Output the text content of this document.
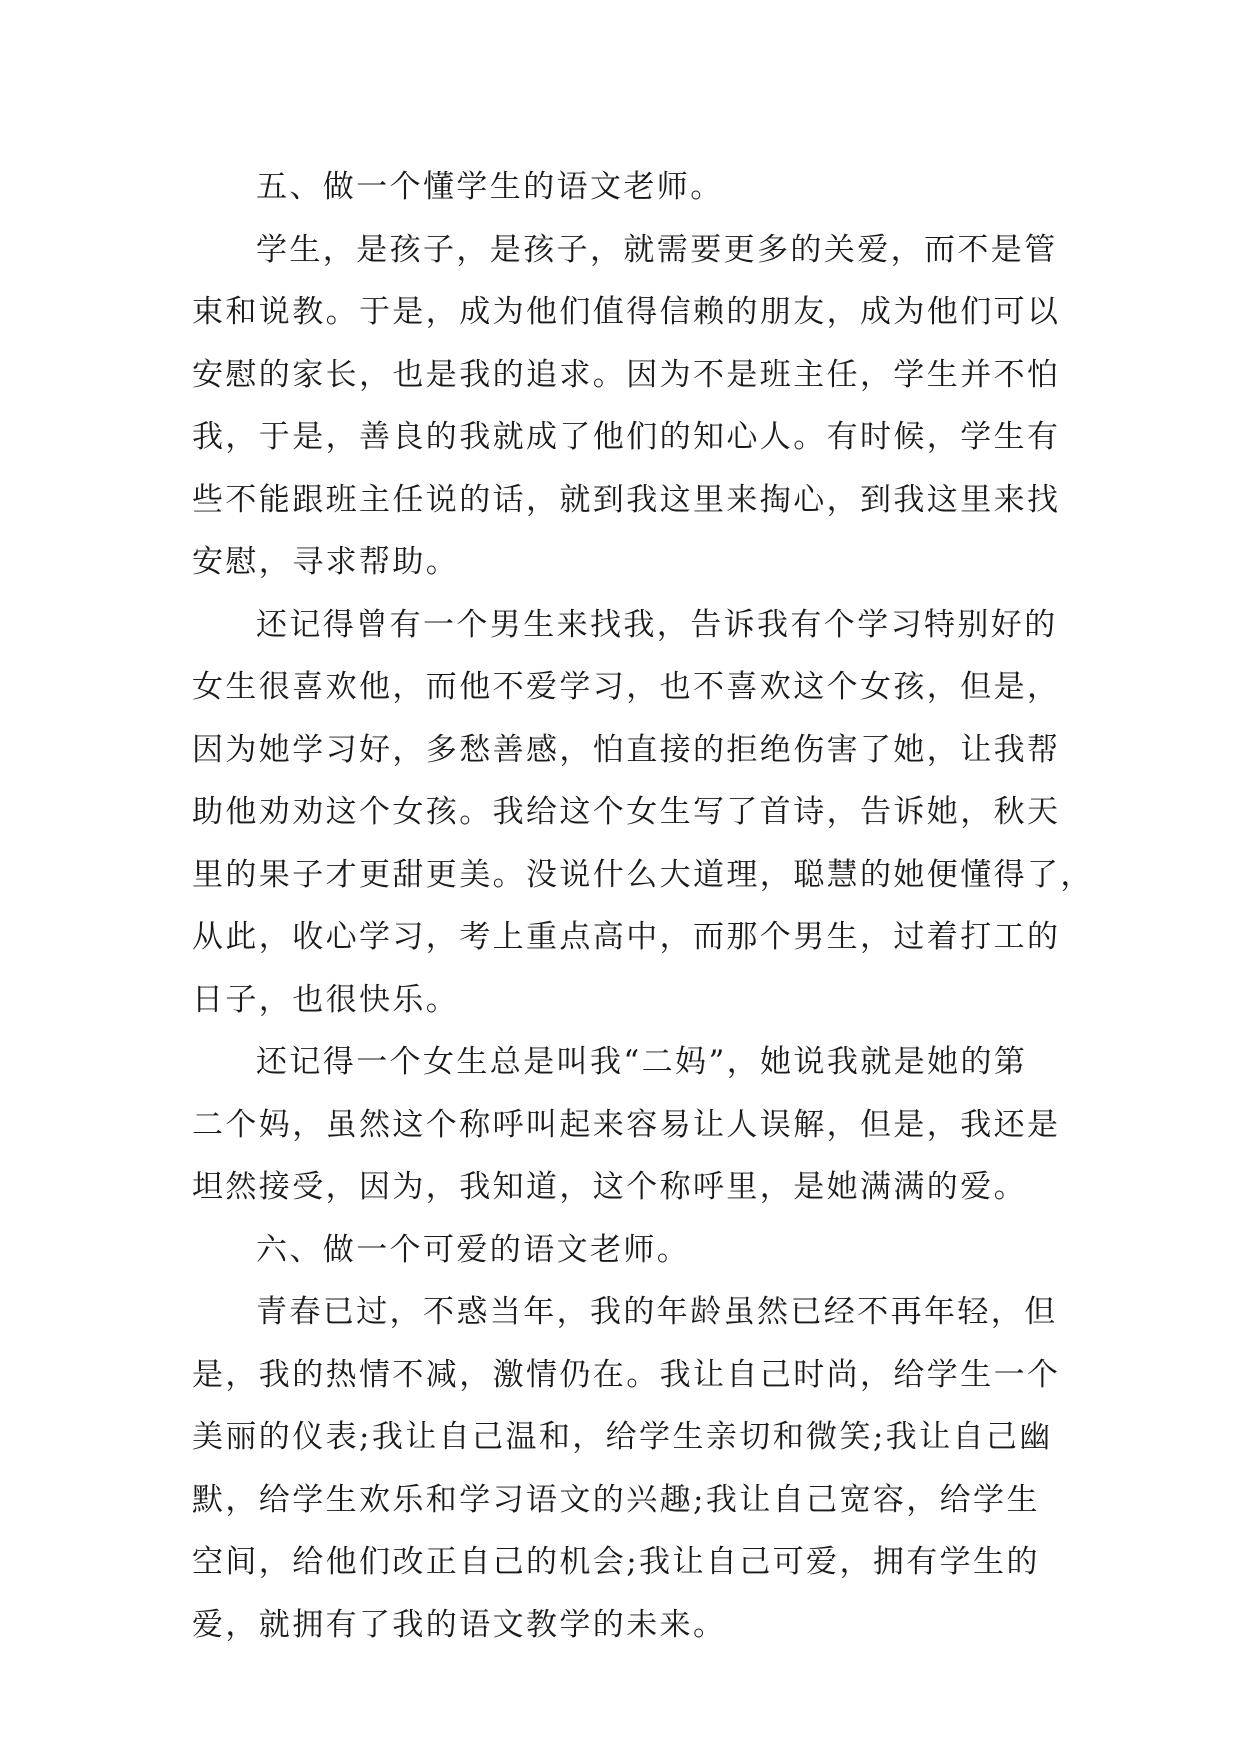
五、做一个懂学生的语文老师。
学生，是孩子，是孩子，就需要更多的关爱，而不是管
束和说教。于是，成为他们值得信赖的朋友，成为他们可以
安慰的家长，也是我的追求。因为不是班主任，学生并不怕
我，于是，善良的我就成了他们的知心人。有时候，学生有
些不能跟班主任说的话，就到我这里来掏心，到我这里来找
安慰，寻求帮助。
还记得曾有一个男生来找我，告诉我有个学习特别好的
女生很喜欢他，而他不爱学习，也不喜欢这个女孩，但是，
因为她学习好，多愁善感，怕直接的拒绝伤害了她，让我帮
助他劝劝这个女孩。我给这个女生写了首诗，告诉她，秋天
里的果子才更甜更美。没说什么大道理，聪慧的她便懂得了，
从此，收心学习，考上重点高中，而那个男生，过着打工的
日子，也很快乐。
还记得一个女生总是叫我“二妈”，她说我就是她的第
二个妈，虽然这个称呼叫起来容易让人误解，但是，我还是
坦然接受，因为，我知道，这个称呼里，是她满满的爱。
六、做一个可爱的语文老师。
青春已过，不惑当年，我的年龄虽然已经不再年轻，但
是，我的热情不减，激情仍在。我让自己时尚，给学生一个
美丽的仪表;我让自己温和，给学生亲切和微笑;我让自己幽
默，给学生欢乐和学习语文的兴趣;我让自己宽容，给学生
空间，给他们改正自己的机会;我让自己可爱，拥有学生的
爱，就拥有了我的语文教学的未来。
